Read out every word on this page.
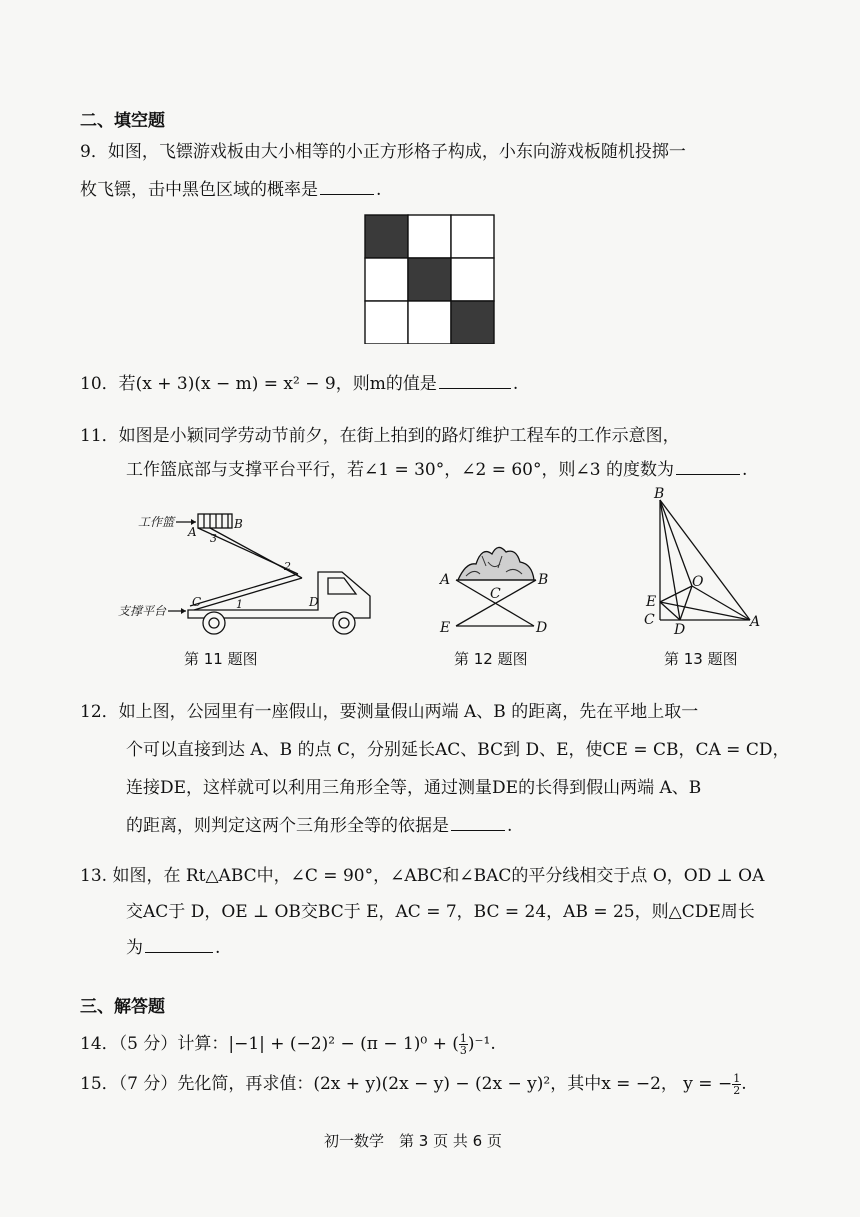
二、填空题
9．如图，飞镖游戏板由大小相等的小正方形格子构成，小东向游戏板随机投掷一
枚飞镖，击中黑色区域的概率是	.
10．若(x + 3)(x − m) = x² − 9，则m的值是	.
11．如图是小颖同学劳动节前夕，在街上拍到的路灯维护工程车的工作示意图，
工作篮底部与支撑平台平行，若∠1 = 30°，∠2 = 60°，则∠3 的度数为	.
工作篮	B
A 3
2
1
C	D
支撑平台
第 11 题图
A	B
C
E	D
第 12 题图
B
O
E
C
D	A
第 13 题图
12．如上图，公园里有一座假山，要测量假山两端 A、B 的距离，先在平地上取一
个可以直接到达 A、B 的点 C，分别延长AC、BC到 D、E，使CE = CB，CA = CD，
连接DE，这样就可以利用三角形全等，通过测量DE的长得到假山两端 A、B
的距离，则判定这两个三角形全等的依据是	.
13. 如图，在 Rt△ABC中，∠C = 90°，∠ABC和∠BAC的平分线相交于点 O，OD ⊥ OA
交AC于 D，OE ⊥ OB交BC于 E，AC = 7，BC = 24，AB = 25，则△CDE周长
为	.
三、解答题
14．（5 分）计算：|−1| + (−2)² − (π − 1)⁰ + ( $\frac{1}{3} )^{-1}$.
15．（7 分）先化简，再求值：(2x + y)(2x − y) − (2x − y)²，其中x = −2， y = − $\frac{1}{2}$ .
初一数学　第 3 页 共 6 页
